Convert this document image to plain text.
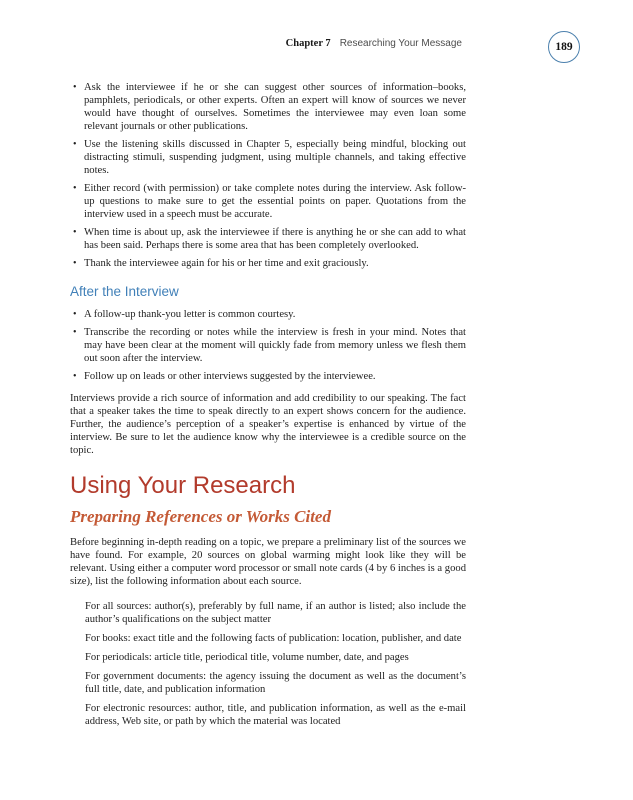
Chapter 7 Researching Your Message	189
• Ask the interviewee if he or she can suggest other sources of information–books, pamphlets, periodicals, or other experts. Often an expert will know of sources we never would have thought of ourselves. Sometimes the interviewee may even loan some relevant journals or other publications.
• Use the listening skills discussed in Chapter 5, especially being mindful, blocking out distracting stimuli, suspending judgment, using multiple channels, and taking effective notes.
• Either record (with permission) or take complete notes during the interview. Ask follow-up questions to make sure to get the essential points on paper. Quotations from the interview used in a speech must be accurate.
• When time is about up, ask the interviewee if there is anything he or she can add to what has been said. Perhaps there is some area that has been completely overlooked.
• Thank the interviewee again for his or her time and exit graciously.
After the Interview
• A follow-up thank-you letter is common courtesy.
• Transcribe the recording or notes while the interview is fresh in your mind. Notes that may have been clear at the moment will quickly fade from memory unless we flesh them out soon after the interview.
• Follow up on leads or other interviews suggested by the interviewee.

Interviews provide a rich source of information and add credibility to our speaking. The fact that a speaker takes the time to speak directly to an expert shows concern for the audience. Further, the audience’s perception of a speaker’s expertise is enhanced by virtue of the interview. Be sure to let the audience know why the interviewee is a credible source on the topic.

Using Your Research
Preparing References or Works Cited

Before beginning in-depth reading on a topic, we prepare a preliminary list of the sources we have found. For example, 20 sources on global warming might look like they will be relevant. Using either a computer word processor or small note cards (4 by 6 inches is a good size), list the following information about each source.

For all sources: author(s), preferably by full name, if an author is listed; also include the author’s qualifications on the subject matter
For books: exact title and the following facts of publication: location, publisher, and date
For periodicals: article title, periodical title, volume number, date, and pages
For government documents: the agency issuing the document as well as the document’s full title, date, and publication information
For electronic resources: author, title, and publication information, as well as the e-mail address, Web site, or path by which the material was located
